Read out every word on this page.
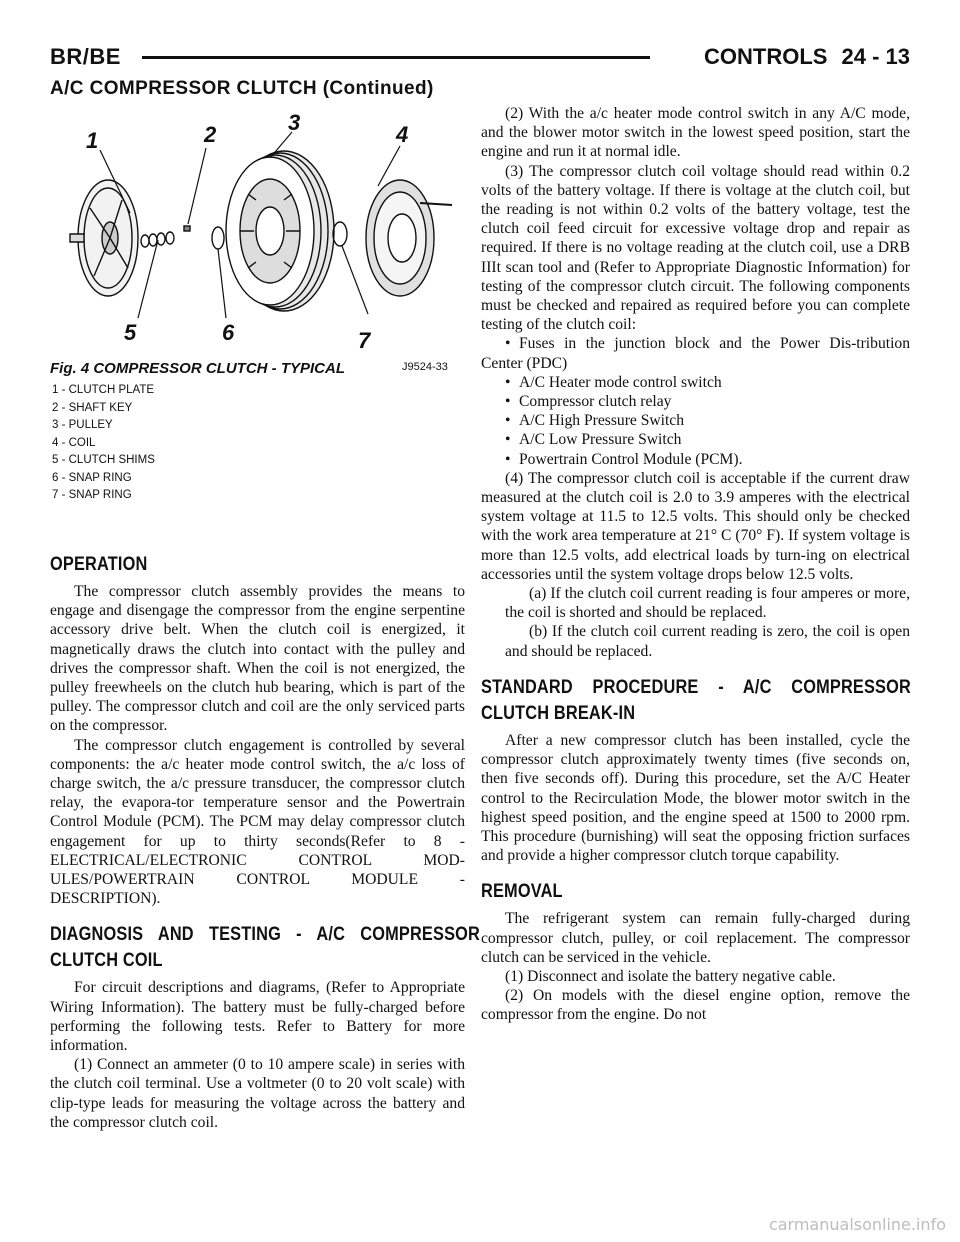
BR/BE	CONTROLS 24 - 13
A/C COMPRESSOR CLUTCH (Continued)
1	2	3	4
5	6	7
J9524-33
Fig. 4 COMPRESSOR CLUTCH - TYPICAL
1 - CLUTCH PLATE
2 - SHAFT KEY
3 - PULLEY
4 - COIL
5 - CLUTCH SHIMS
6 - SNAP RING
7 - SNAP RING
OPERATION

The compressor clutch assembly provides the means to engage and disengage the compressor from the engine serpentine accessory drive belt. When the clutch coil is energized, it magnetically draws the clutch into contact with the pulley and drives the compressor shaft. When the coil is not energized, the pulley freewheels on the clutch hub bearing, which is part of the pulley. The compressor clutch and coil are the only serviced parts on the compressor.

The compressor clutch engagement is controlled by several components: the a/c heater mode control switch, the a/c loss of charge switch, the a/c pressure transducer, the compressor clutch relay, the evapora-tor temperature sensor and the Powertrain Control Module (PCM). The PCM may delay compressor clutch engagement for up to thirty seconds(Refer to 8 - ELECTRICAL/ELECTRONIC CONTROL MOD-ULES/POWERTRAIN CONTROL MODULE - DESCRIPTION).

DIAGNOSIS AND TESTING - A/C COMPRESSOR CLUTCH COIL

For circuit descriptions and diagrams, (Refer to Appropriate Wiring Information). The battery must be fully-charged before performing the following tests. Refer to Battery for more information.

(1) Connect an ammeter (0 to 10 ampere scale) in series with the clutch coil terminal. Use a voltmeter (0 to 20 volt scale) with clip-type leads for measuring the voltage across the battery and the compressor clutch coil.

(2) With the a/c heater mode control switch in any A/C mode, and the blower motor switch in the lowest speed position, start the engine and run it at normal idle.

(3) The compressor clutch coil voltage should read within 0.2 volts of the battery voltage. If there is voltage at the clutch coil, but the reading is not within 0.2 volts of the battery voltage, test the clutch coil feed circuit for excessive voltage drop and repair as required. If there is no voltage reading at the clutch coil, use a DRB IIIt scan tool and (Refer to Appropriate Diagnostic Information) for testing of the compressor clutch circuit. The following components must be checked and repaired as required before you can complete testing of the clutch coil:

• Fuses in the junction block and the Power Dis-tribution Center (PDC)

• A/C Heater mode control switch

• Compressor clutch relay

• A/C High Pressure Switch

• A/C Low Pressure Switch

• Powertrain Control Module (PCM).

(4) The compressor clutch coil is acceptable if the current draw measured at the clutch coil is 2.0 to 3.9 amperes with the electrical system voltage at 11.5 to 12.5 volts. This should only be checked with the work area temperature at 21° C (70° F). If system voltage is more than 12.5 volts, add electrical loads by turn-ing on electrical accessories until the system voltage drops below 12.5 volts.

(a) If the clutch coil current reading is four amperes or more, the coil is shorted and should be replaced.

(b) If the clutch coil current reading is zero, the coil is open and should be replaced.

STANDARD PROCEDURE - A/C COMPRESSOR CLUTCH BREAK-IN

After a new compressor clutch has been installed, cycle the compressor clutch approximately twenty times (five seconds on, then five seconds off). During this procedure, set the A/C Heater control to the Recirculation Mode, the blower motor switch in the highest speed position, and the engine speed at 1500 to 2000 rpm. This procedure (burnishing) will seat the opposing friction surfaces and provide a higher compressor clutch torque capability.

REMOVAL

The refrigerant system can remain fully-charged during compressor clutch, pulley, or coil replacement. The compressor clutch can be serviced in the vehicle.

(1) Disconnect and isolate the battery negative cable.

(2) On models with the diesel engine option, remove the compressor from the engine. Do not

carmanualsonline.info
